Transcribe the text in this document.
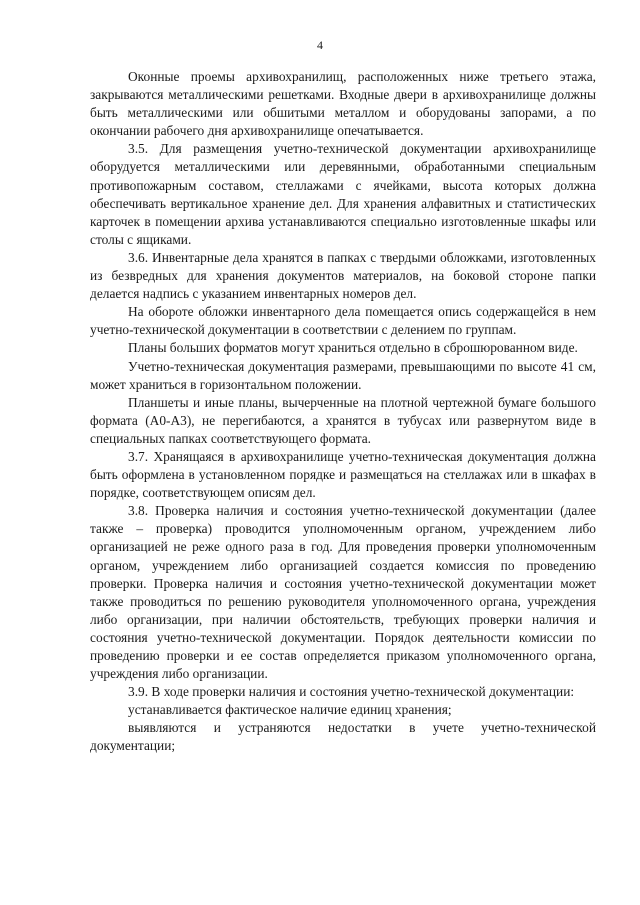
4

Оконные проемы архивохранилищ, расположенных ниже третьего этажа, закрываются металлическими решетками. Входные двери в архивохранилище должны быть металлическими или обшитыми металлом и оборудованы запорами, а по окончании рабочего дня архивохранилище опечатывается.

3.5. Для размещения учетно-технической документации архивохранилище оборудуется металлическими или деревянными, обработанными специальным противопожарным составом, стеллажами с ячейками, высота которых должна обеспечивать вертикальное хранение дел. Для хранения алфавитных и статистических карточек в помещении архива устанавливаются специально изготовленные шкафы или столы с ящиками.

3.6. Инвентарные дела хранятся в папках с твердыми обложками, изготовленных из безвредных для хранения документов материалов, на боковой стороне папки делается надпись с указанием инвентарных номеров дел.

На обороте обложки инвентарного дела помещается опись содержащейся в нем учетно-технической документации в соответствии с делением по группам.

Планы больших форматов могут храниться отдельно в сброшюрованном виде.

Учетно-техническая документация размерами, превышающими по высоте 41 см, может храниться в горизонтальном положении.

Планшеты и иные планы, вычерченные на плотной чертежной бумаге большого формата (А0-А3), не перегибаются, а хранятся в тубусах или развернутом виде в специальных папках соответствующего формата.

3.7. Хранящаяся в архивохранилище учетно-техническая документация должна быть оформлена в установленном порядке и размещаться на стеллажах или в шкафах в порядке, соответствующем описям дел.

3.8. Проверка наличия и состояния учетно-технической документации (далее также – проверка) проводится уполномоченным органом, учреждением либо организацией не реже одного раза в год. Для проведения проверки уполномоченным органом, учреждением либо организацией создается комиссия по проведению проверки. Проверка наличия и состояния учетно-технической документации может также проводиться по решению руководителя уполномоченного органа, учреждения либо организации, при наличии обстоятельств, требующих проверки наличия и состояния учетно-технической документации. Порядок деятельности комиссии по проведению проверки и ее состав определяется приказом уполномоченного органа, учреждения либо организации.

3.9. В ходе проверки наличия и состояния учетно-технической документации:

устанавливается фактическое наличие единиц хранения;

выявляются и устраняются недостатки в учете учетно-технической документации;
